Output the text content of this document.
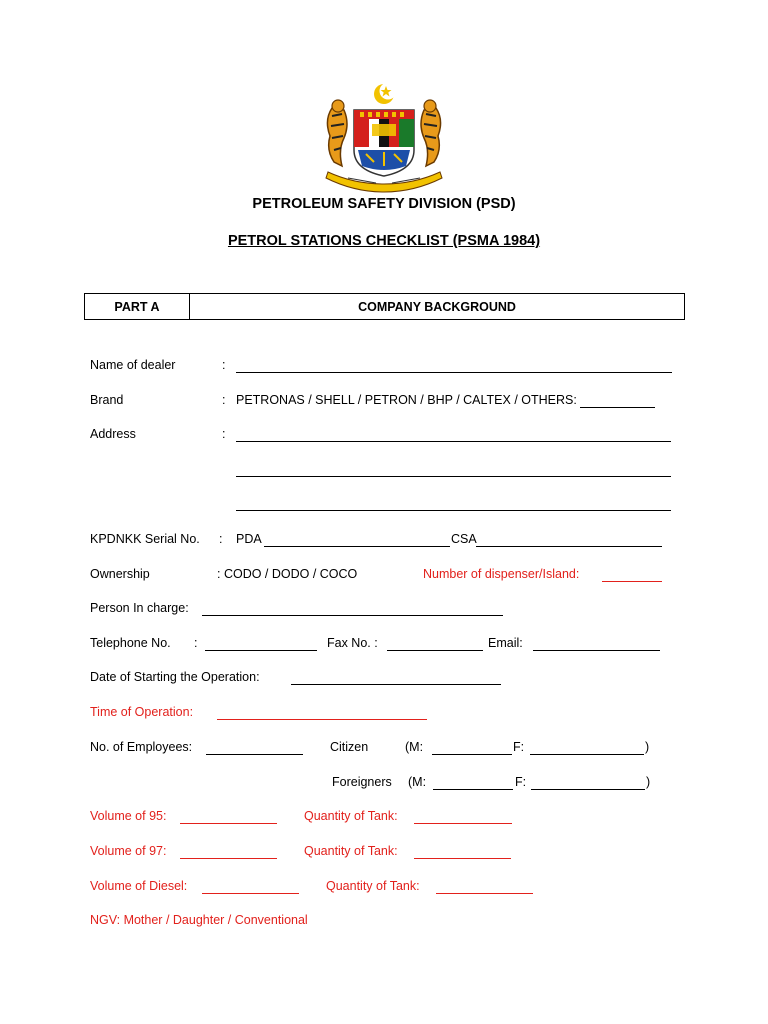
PETROLEUM SAFETY DIVISION (PSD)
PETROL STATIONS CHECKLIST (PSMA 1984)
PART A	COMPANY BACKGROUND
Name of dealer	:
Brand	: PETRONAS / SHELL / PETRON / BHP / CALTEX / OTHERS:
Address	:
KPDNKK Serial No. : PDA	CSA
Ownership	: CODO / DODO / COCO	Number of dispenser/Island:
Person In charge:
Telephone No. :	Fax No. :	Email:
Date of Starting the Operation:
Time of Operation:
No. of Employees:	Citizen	(M:	F:	)
Foreigners (M:	F:	)
Volume of 95:	Quantity of Tank:
Volume of 97:	Quantity of Tank:
Volume of Diesel:	Quantity of Tank:
NGV: Mother / Daughter / Conventional
